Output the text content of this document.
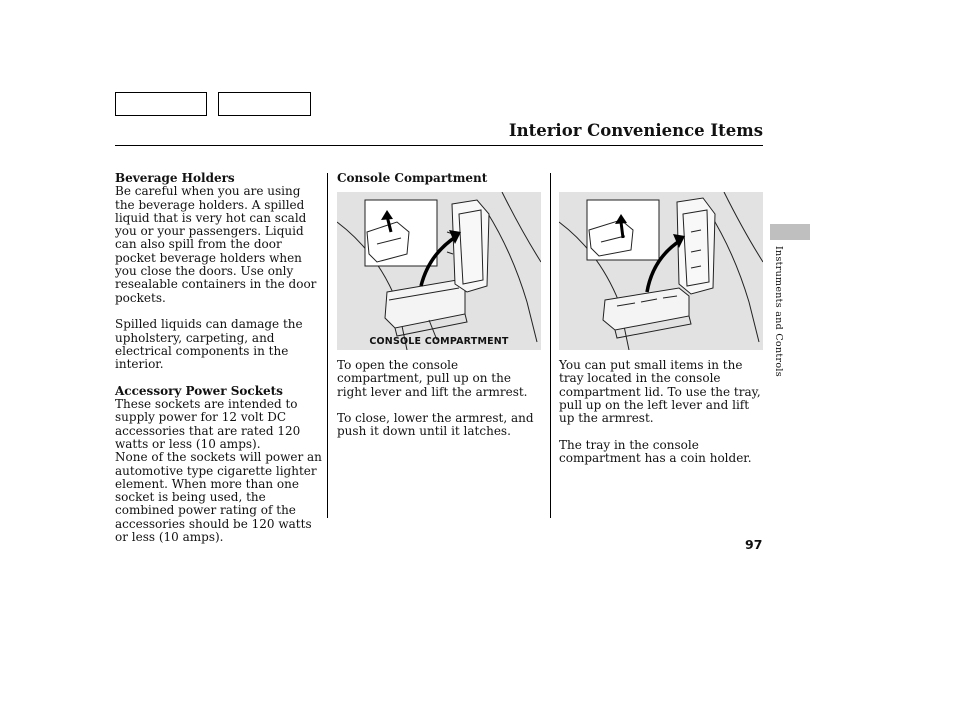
Interior Convenience Items
Beverage Holders

Be careful when you are using the beverage holders. A spilled liquid that is very hot can scald you or your passengers. Liquid can also spill from the door pocket beverage holders when you close the doors. Use only resealable containers in the door pockets.

Spilled liquids can damage the upholstery, carpeting, and electrical components in the interior.

Accessory Power Sockets

These sockets are intended to supply power for 12 volt DC accessories that are rated 120 watts or less (10 amps).

None of the sockets will power an automotive type cigarette lighter element. When more than one socket is being used, the combined power rating of the accessories should be 120 watts or less (10 amps).

Console Compartment
CONSOLE COMPARTMENT

To open the console compartment, pull up on the right lever and lift the armrest.

To close, lower the armrest, and push it down until it latches.

You can put small items in the tray located in the console compartment lid. To use the tray, pull up on the left lever and lift up the armrest.

The tray in the console compartment has a coin holder.

Instruments and Controls
97
